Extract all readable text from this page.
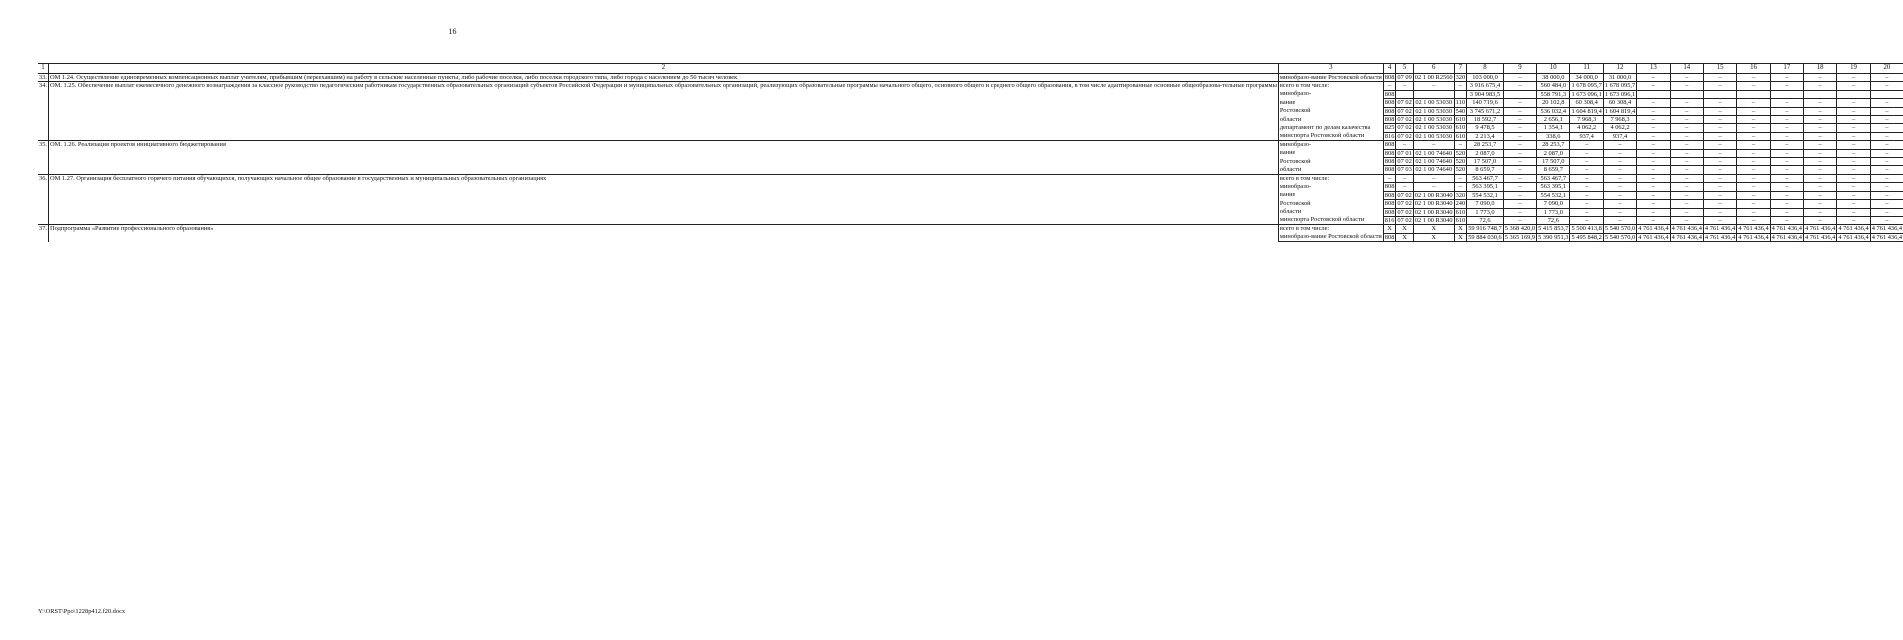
16
1	2	3	4	5	6	7	8	9	10	11	12	13	14	15	16	17	18	19	20
33.	ОМ 1.24. Осуществление единовременных компенсационных выплат учителям, прибывшим (переехавшим) на работу в сельские населенные пункты, либо рабочие поселки, либо поселки городского типа, либо города с населением до 50 тысяч человек	минобразо-вание Ростовской области	808	07 09	02 1 00 R2560	320	103 000,0	–	38 000,0	34 000,0	31 000,0	–	–	–	–	–	–	–	–
34.	ОМ. 1.25. Обеспечение выплат ежемесячного денежного вознаграждения за классное руководство педагогическим работникам государственных образовательных организаций субъектов Российской Федерации и муниципальных образовательных организаций, реализующих образовательные программы начального общего, основного общего и среднего общего образования, в том числе адаптированные основные общеобразова-тельные программы	всего в том числе:	–	–	–	–	3 916 675,4	–	560 484,0	1 678 095,7	1 678 095,7	–	–	–	–	–	–	–	–
		минобразо-	808				3 904 983,5		558 791,3	1 673 096,1	1 673 096,1								
		вание	808	07 02	02 1 00 53030	110	140 719,6	–	20 102,8	60 308,4	60 308,4	–	–	–	–	–	–	–	–
		Ростовской	808	07 02	02 1 00 53030	540	3 745 671,2	–	536 032,4	1 604 819,4	1 604 819,4	–	–	–	–	–	–	–	–
		области	808	07 02	02 1 00 53030	610	18 592,7	–	2 656,1	7 968,3	7 968,3	–	–	–	–	–	–	–	–
		департамент по делам казачества	825	07 02	02 1 00 53030	610	9 478,5	–	1 354,1	4 062,2	4 062,2	–	–	–	–	–	–	–	–
		минспорта Ростовской области	816	07 02	02 1 00 53030	610	2 213,4	–	338,6	937,4	937,4	–	–	–	–	–	–	–	–
35.	ОМ. 1.26. Реализация проектов инициативного бюджетирования	минобразо-	808	–	–	–	28 253,7	–	28 253,7	–	–	–	–	–	–	–	–	–	–
		вание	808	07 01	02 1 00 74640	520	2 087,0	–	2 087,0	–	–	–	–	–	–	–	–	–	–
		Ростовской	808	07 02	02 1 00 74640	520	17 507,0	–	17 507,0	–	–	–	–	–	–	–	–	–	–
		области	808	07 03	02 1 00 74640	520	8 659,7	–	8 659,7	–	–	–	–	–	–	–	–	–	–
36.	ОМ 1.27. Организация бесплатного горячего питания обучающихся, получающих начальное общее образование в государственных и муниципальных образовательных организациях	всего в том числе:	–	–	–	–	563 467,7	–	563 467,7	–	–	–	–	–	–	–	–	–	–
		минобразо-	808	–	–	–	563 395,1	–	563 395,1	–	–	–	–	–	–	–	–	–	–
		вание	808	07 02	02 1 00 R3040	320	554 532,1	–	554 532,1	–	–	–	–	–	–	–	–	–	–
		Ростовской	808	07 02	02 1 00 R3040	240	7 090,0	–	7 090,0	–	–	–	–	–	–	–	–	–	–
		области	808	07 02	02 1 00 R3040	610	1 773,0	–	1 773,0	–	–	–	–	–	–	–	–	–	–
		минспорта Ростовской области	816	07 02	02 1 00 R3040	610	72,6	–	72,6	–	–	–	–	–	–	–	–	–	–
37.	Подпрограмма «Развитие профессионального образования»	всего в том числе:	X	X	X	X	59 916 748,7	5 368 420,0	5 415 853,7	5 500 413,8	5 540 570,0	4 761 436,4	4 761 436,4	4 761 436,4	4 761 436,4	4 761 436,4	4 761 436,4	4 761 436,4	4 761 436,4
		минобразо-вание Ростовской области	808	X	X	X	59 884 030,6	5 365 169,9	5 390 951,3	5 495 848,2	5 540 570,0	4 761 436,4	4 761 436,4	4 761 436,4	4 761 436,4	4 761 436,4	4 761 436,4	4 761 436,4	4 761 436,4
Y:\ORST\Ppo\1228p412.f20.docx
